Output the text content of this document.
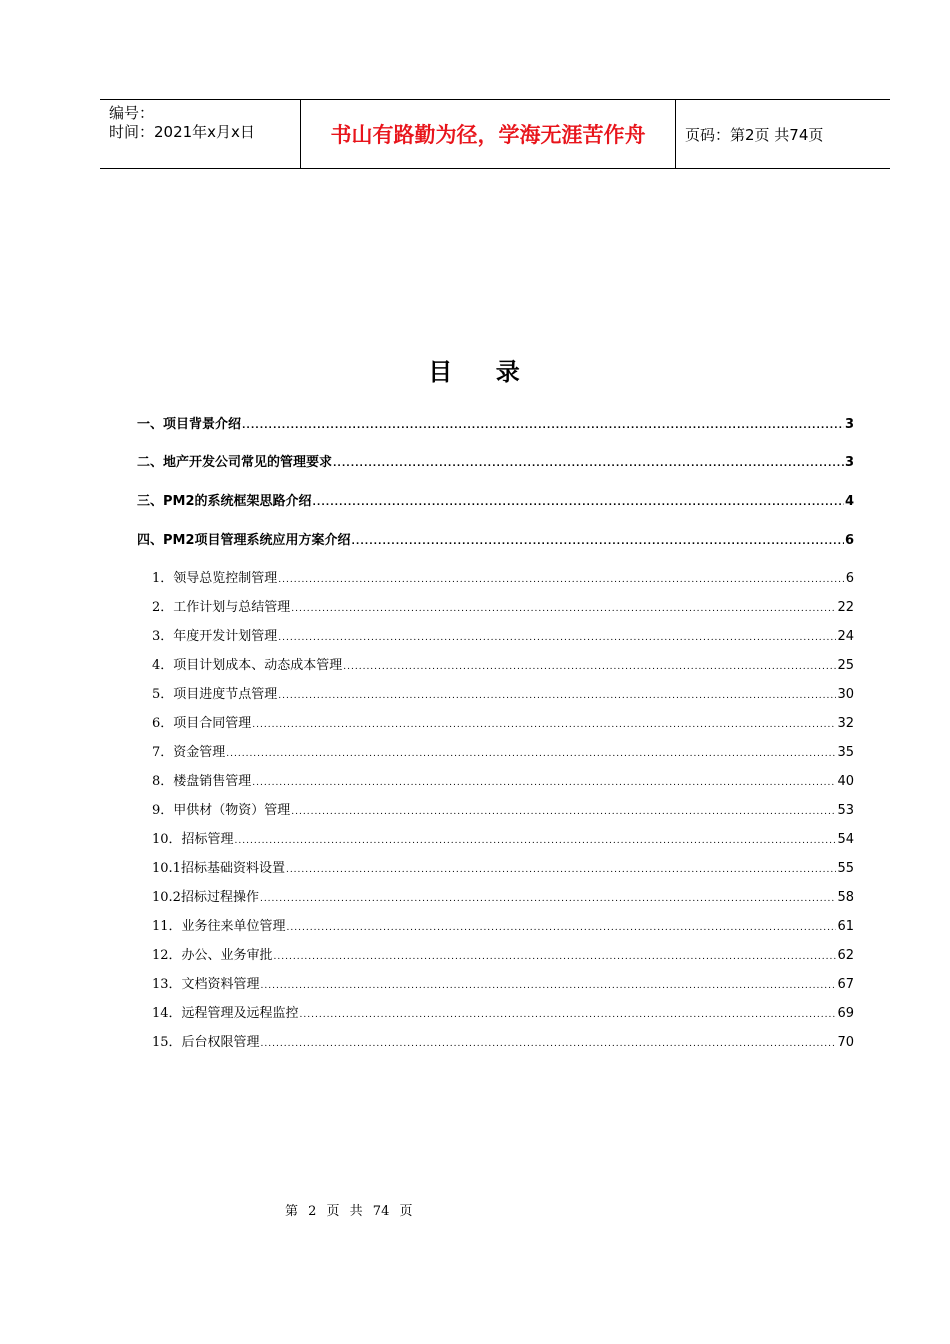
编号：
时间：2021年x月x日	书山有路勤为径，学海无涯苦作舟	页码：第2页 共74页
目    录
一、项目背景介绍 .....	3
二、地产开发公司常见的管理要求 .....	3
三、PM2的系统框架思路介绍 .....	4
四、PM2项目管理系统应用方案介绍 .....	6
1．领导总览控制管理 .....	6
2．工作计划与总结管理 .....	22
3．年度开发计划管理 .....	24
4．项目计划成本、动态成本管理 .....	25
5．项目进度节点管理 .....	30
6．项目合同管理 .....	32
7．资金管理 .....	35
8．楼盘销售管理 .....	40
9．甲供材（物资）管理 .....	53
10．招标管理 .....	54
10.1招标基础资料设置 .....	55
10.2招标过程操作 .....	58
11．业务往来单位管理 .....	61
12．办公、业务审批 .....	62
13．文档资料管理 .....	67
14．远程管理及远程监控 .....	69
15．后台权限管理 .....	70
第 2 页 共 74 页
